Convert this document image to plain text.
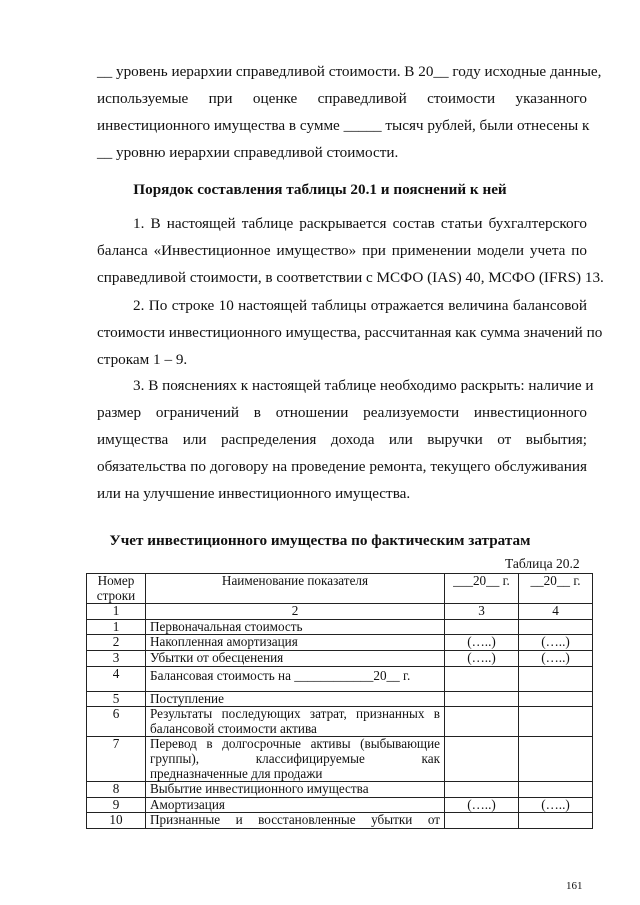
__ уровень иерархии справедливой стоимости. В 20__ году исходные данные,
используемые при оценке справедливой стоимости указанного
инвестиционного имущества в сумме _____ тысяч рублей, были отнесены к
__ уровню иерархии справедливой стоимости.
Порядок составления таблицы 20.1 и пояснений к ней
1. В настоящей таблице раскрывается состав статьи бухгалтерского
баланса «Инвестиционное имущество» при применении модели учета по
справедливой стоимости, в соответствии с МСФО (IAS) 40, МСФО (IFRS) 13.
2. По строке 10 настоящей таблицы отражается величина балансовой
стоимости инвестиционного имущества, рассчитанная как сумма значений по
строкам 1 – 9.
3. В пояснениях к настоящей таблице необходимо раскрыть: наличие и
размер ограничений в отношении реализуемости инвестиционного
имущества или распределения дохода или выручки от выбытия;
обязательства по договору на проведение ремонта, текущего обслуживания
или на улучшение инвестиционного имущества.
Учет инвестиционного имущества по фактическим затратам
Таблица 20.2
Номер строки	Наименование показателя	___20__ г.	__20__ г.
1	2	3	4
1	Первоначальная стоимость		
2	Накопленная амортизация	(…..)	(…..)
3	Убытки от обесценения	(…..)	(…..)
4	Балансовая стоимость на ____________20__ г.		
5	Поступление		
6	Результаты последующих затрат, признанных в
балансовой стоимости актива		

7	Перевод в долгосрочные активы (выбывающие
группы), классифицируемые как
предназначенные для продажи		

8	Выбытие инвестиционного имущества		
9	Амортизация	(…..)	(…..)
10	Признанные и восстановленные убытки от		
161
